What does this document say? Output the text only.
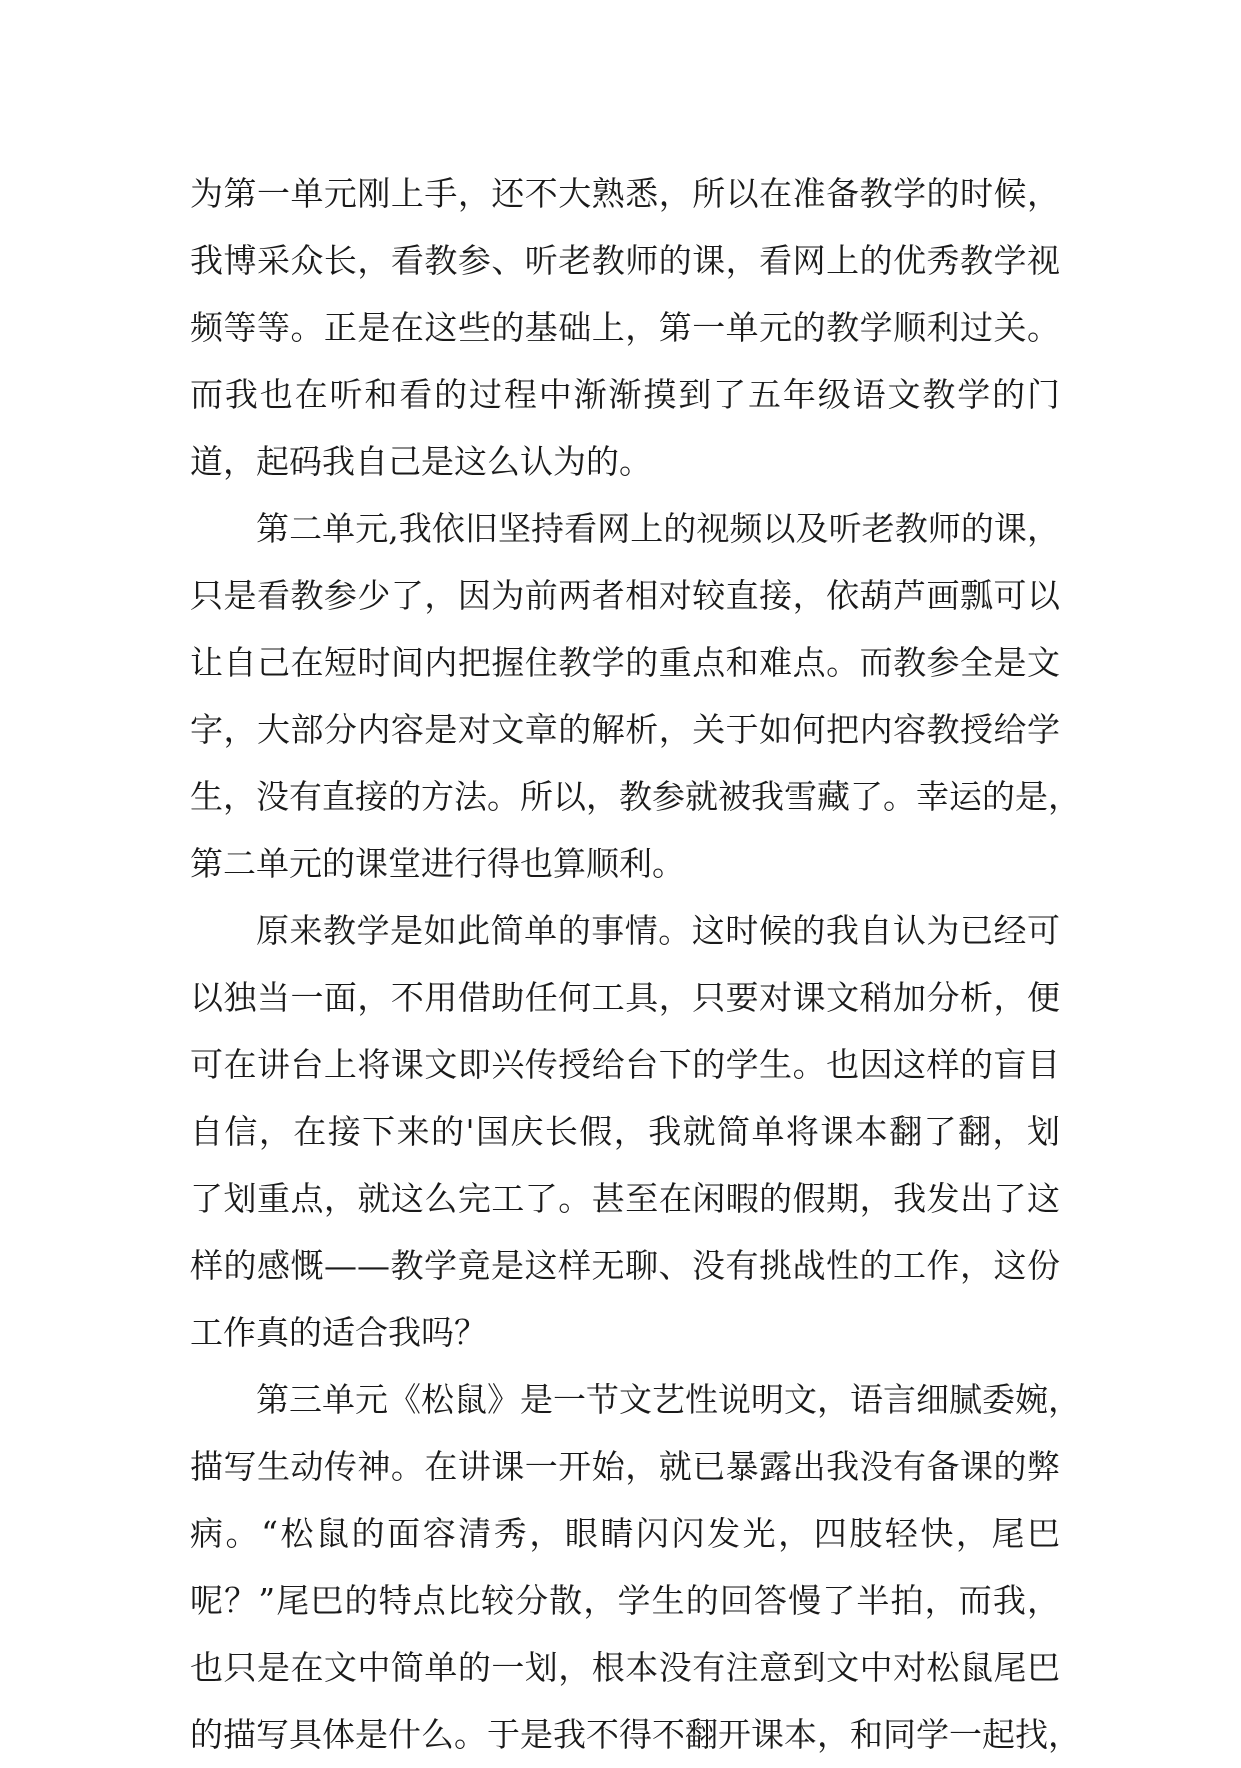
为第一单元刚上手，还不大熟悉，所以在准备教学的时候，
我博采众长，看教参、听老教师的课，看网上的优秀教学视
频等等。正是在这些的基础上，第一单元的教学顺利过关。
而我也在听和看的过程中渐渐摸到了五年级语文教学的门
道，起码我自己是这么认为的。
第二单元,我依旧坚持看网上的视频以及听老教师的课，
只是看教参少了，因为前两者相对较直接，依葫芦画瓢可以
让自己在短时间内把握住教学的重点和难点。而教参全是文
字，大部分内容是对文章的解析，关于如何把内容教授给学
生，没有直接的方法。所以，教参就被我雪藏了。幸运的是，
第二单元的课堂进行得也算顺利。
原来教学是如此简单的事情。这时候的我自认为已经可
以独当一面，不用借助任何工具，只要对课文稍加分析，便
可在讲台上将课文即兴传授给台下的学生。也因这样的盲目
自信，在接下来的'国庆长假，我就简单将课本翻了翻，划
了划重点，就这么完工了。甚至在闲暇的假期，我发出了这
样的感慨——教学竟是这样无聊、没有挑战性的工作，这份
工作真的适合我吗？
第三单元《松鼠》是一节文艺性说明文，语言细腻委婉，
描写生动传神。在讲课一开始，就已暴露出我没有备课的弊
病。“松鼠的面容清秀，眼睛闪闪发光，四肢轻快，尾巴
呢？”尾巴的特点比较分散，学生的回答慢了半拍，而我，
也只是在文中简单的一划，根本没有注意到文中对松鼠尾巴
的描写具体是什么。于是我不得不翻开课本，和同学一起找，
